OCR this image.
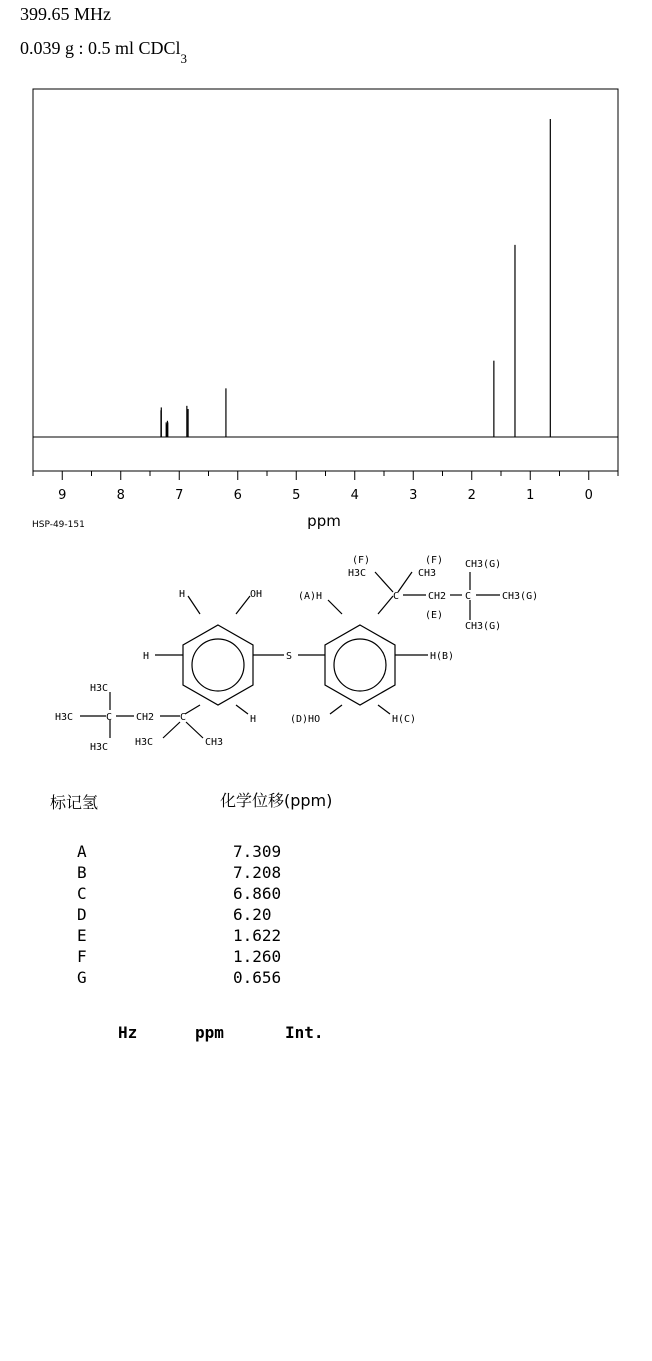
399.65 MHz
0.039 g : 0.5 ml CDCl$_3$
9	8	7	6	5	4	3	2	1	0
ppm
HSP-49-151
H	OH
H	S
H
(A)H
H(B)
(D)HO	H(C)
(F)	(F)
H3C	CH3
C	CH2 C
(E)
CH3(G)
CH3(G)
CH3(G)
H3C
H3C	C CH2	C
H3C	H3C	CH3
标记氢	化学位移(ppm)
A	7.309
B	7.208
C	6.860
D	6.20
E	1.622
F	1.260
G	0.656
Hz	ppm	Int.
